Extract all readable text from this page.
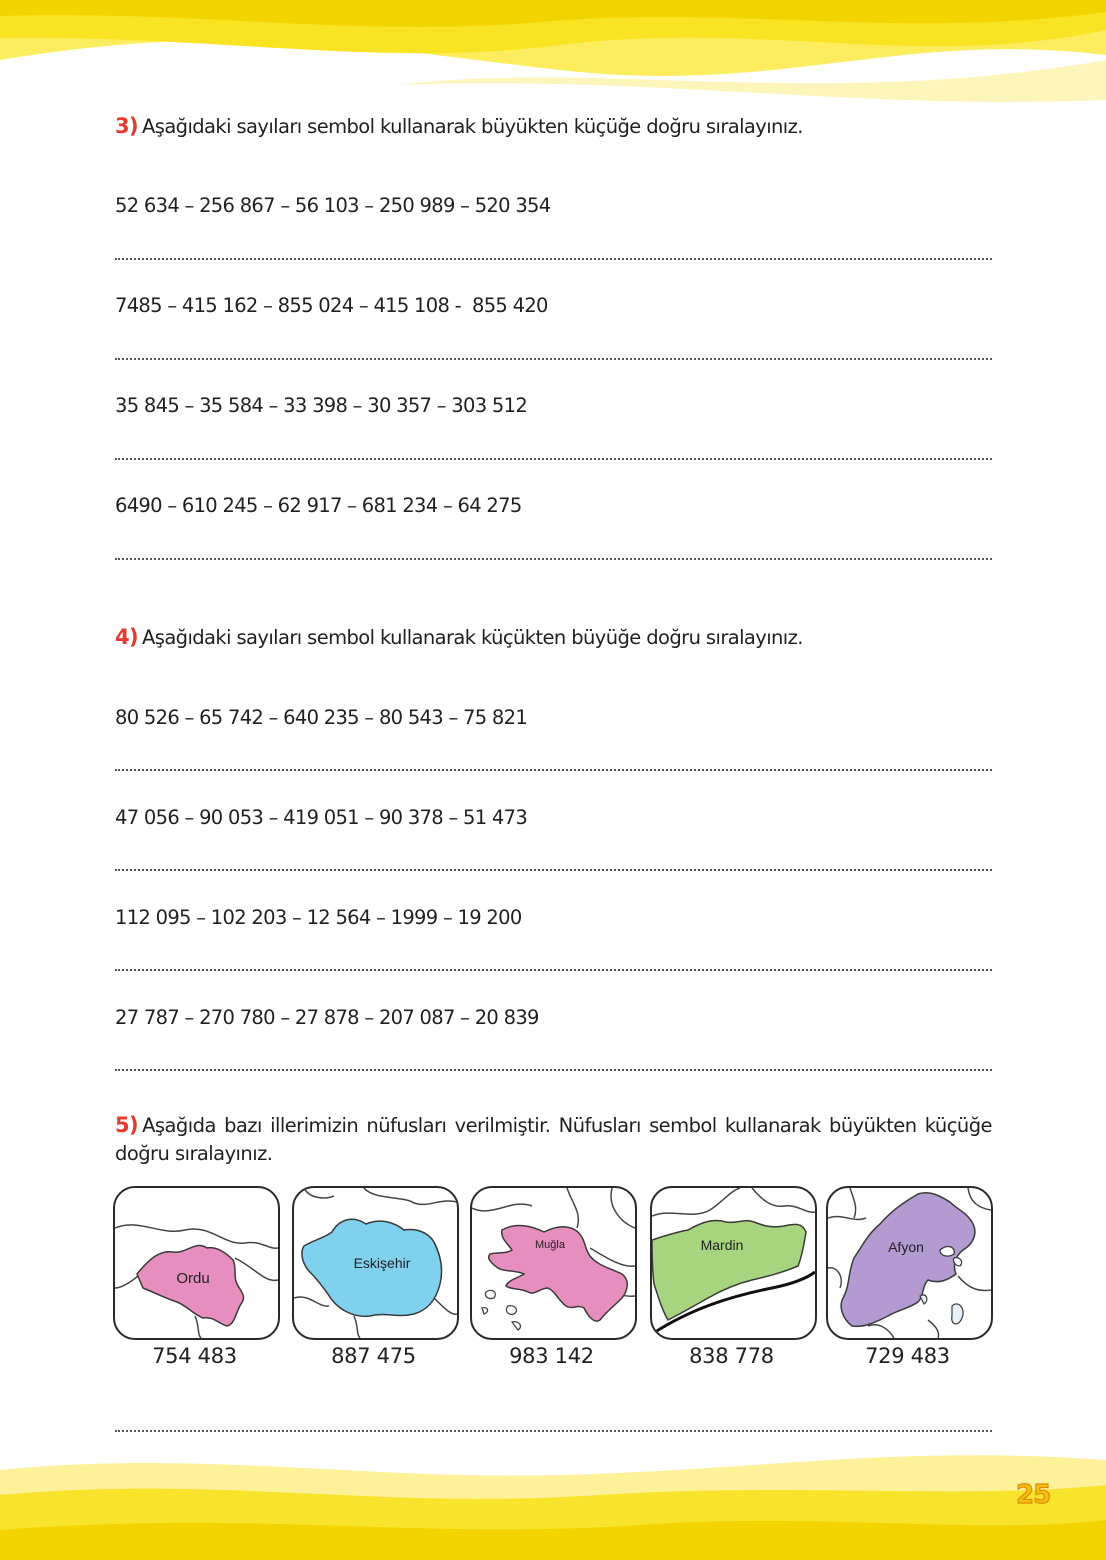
3) Aşağıdaki sayıları sembol kullanarak büyükten küçüğe doğru sıralayınız.
52 634 – 256 867 – 56 103 – 250 989 – 520 354
7485 – 415 162 – 855 024 – 415 108 -  855 420
35 845 – 35 584 – 33 398 – 30 357 – 303 512
6490 – 610 245 – 62 917 – 681 234 – 64 275
4) Aşağıdaki sayıları sembol kullanarak küçükten büyüğe doğru sıralayınız.
80 526 – 65 742 – 640 235 – 80 543 – 75 821
47 056 – 90 053 – 419 051 – 90 378 – 51 473
112 095 – 102 203 – 12 564 – 1999 – 19 200
27 787 – 270 780 – 27 878 – 207 087 – 20 839
5) Aşağıda bazı illerimizin nüfusları verilmiştir. Nüfusları sembol kullanarak büyükten küçüğe doğru sıralayınız.
Ordu
Eskişehir
Muğla	Mardin	Afyon
754 483	887 475	983 142	838 778	729 483
25
